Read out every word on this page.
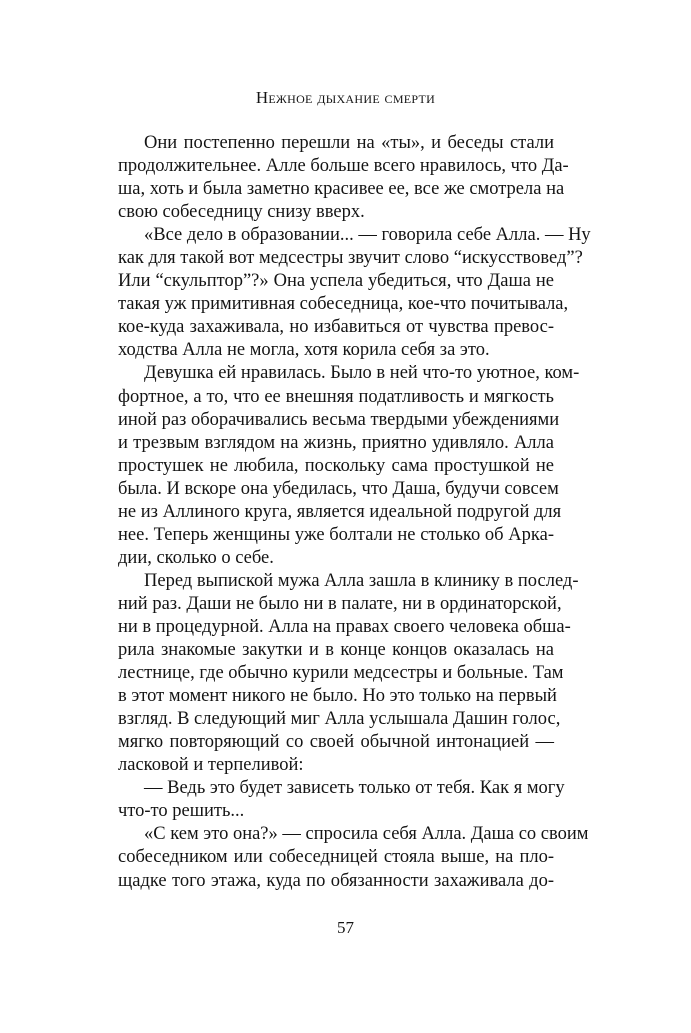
Нежное дыхание смерти
Они постепенно перешли на «ты», и беседы стали
продолжительнее. Алле больше всего нравилось, что Да-
ша, хоть и была заметно красивее ее, все же смотрела на
свою собеседницу снизу вверх.
«Все дело в образовании... — говорила себе Алла. — Ну
как для такой вот медсестры звучит слово “искусствовед”?
Или “скульптор”?» Она успела убедиться, что Даша не
такая уж примитивная собеседница, кое-что почитывала,
кое-куда захаживала, но избавиться от чувства превос-
ходства Алла не могла, хотя корила себя за это.
Девушка ей нравилась. Было в ней что-то уютное, ком-
фортное, а то, что ее внешняя податливость и мягкость
иной раз оборачивались весьма твердыми убеждениями
и трезвым взглядом на жизнь, приятно удивляло. Алла
простушек не любила, поскольку сама простушкой не
была. И вскоре она убедилась, что Даша, будучи совсем
не из Аллиного круга, является идеальной подругой для
нее. Теперь женщины уже болтали не столько об Арка-
дии, сколько о себе.
Перед выпиской мужа Алла зашла в клинику в послед-
ний раз. Даши не было ни в палате, ни в ординаторской,
ни в процедурной. Алла на правах своего человека обша-
рила знакомые закутки и в конце концов оказалась на
лестнице, где обычно курили медсестры и больные. Там
в этот момент никого не было. Но это только на первый
взгляд. В следующий миг Алла услышала Дашин голос,
мягко повторяющий со своей обычной интонацией —
ласковой и терпеливой:
— Ведь это будет зависеть только от тебя. Как я могу
что-то решить...
«С кем это она?» — спросила себя Алла. Даша со своим
собеседником или собеседницей стояла выше, на пло-
щадке того этажа, куда по обязанности захаживала до-
57
